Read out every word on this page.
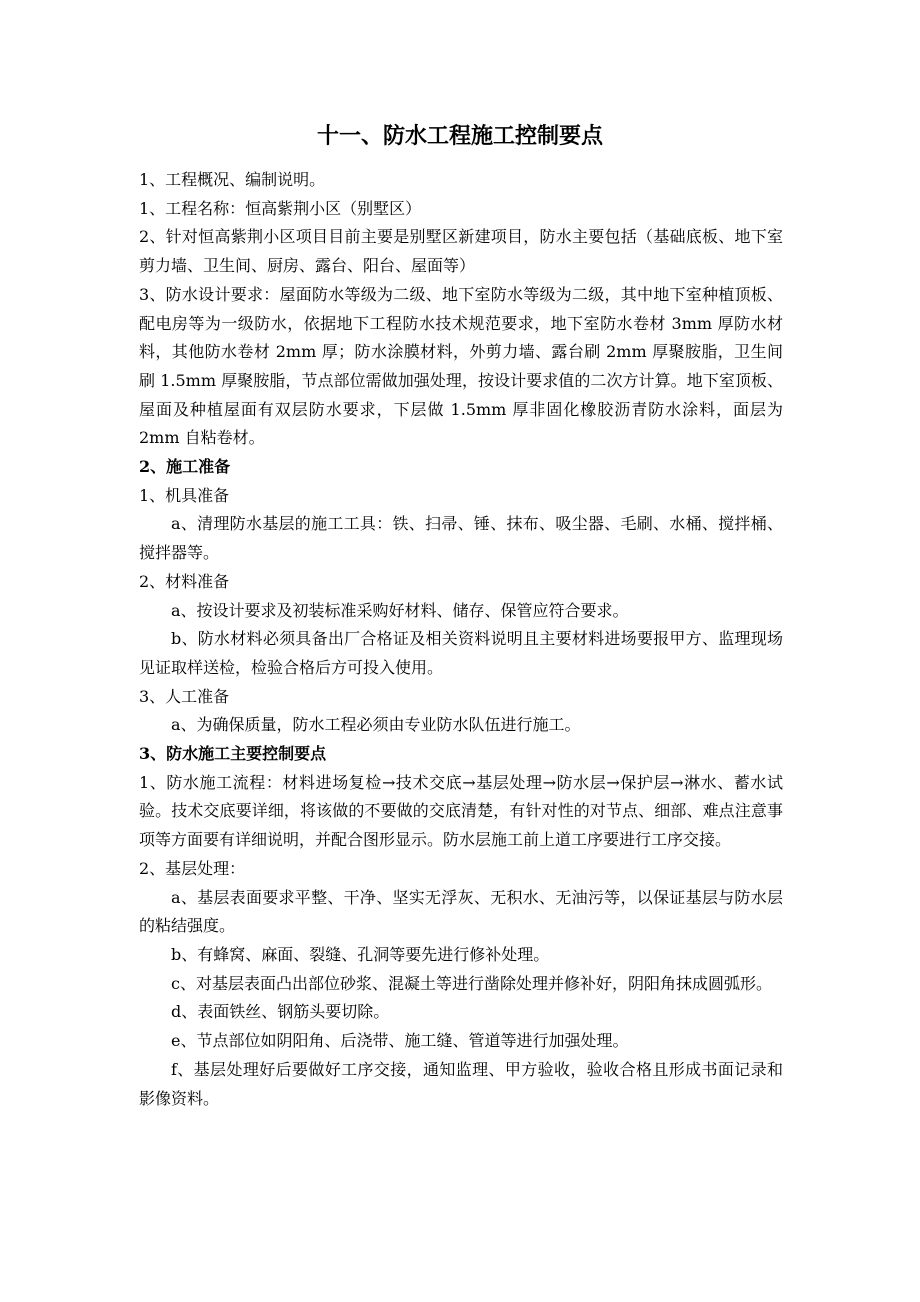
十一、防水工程施工控制要点

1、工程概况、编制说明。

1、工程名称：恒高紫荆小区（别墅区）

2、针对恒高紫荆小区项目目前主要是别墅区新建项目，防水主要包括（基础底板、地下室剪力墙、卫生间、厨房、露台、阳台、屋面等）

3、防水设计要求：屋面防水等级为二级、地下室防水等级为二级，其中地下室种植顶板、配电房等为一级防水，依据地下工程防水技术规范要求，地下室防水卷材 3mm 厚防水材料，其他防水卷材 2mm 厚；防水涂膜材料，外剪力墙、露台刷 2mm 厚聚胺脂，卫生间刷 1.5mm 厚聚胺脂，节点部位需做加强处理，按设计要求值的二次方计算。地下室顶板、屋面及种植屋面有双层防水要求，下层做 1.5mm 厚非固化橡胶沥青防水涂料，面层为 2mm 自粘卷材。

2、施工准备

1、机具准备

a、清理防水基层的施工工具：铁、扫帚、锤、抹布、吸尘器、毛刷、水桶、搅拌桶、搅拌器等。

2、材料准备

a、按设计要求及初装标准采购好材料、储存、保管应符合要求。

b、防水材料必须具备出厂合格证及相关资料说明且主要材料进场要报甲方、监理现场见证取样送检，检验合格后方可投入使用。

3、人工准备

a、为确保质量，防水工程必须由专业防水队伍进行施工。

3、防水施工主要控制要点

1、防水施工流程：材料进场复检→技术交底→基层处理→防水层→保护层→淋水、蓄水试验。技术交底要详细，将该做的不要做的交底清楚，有针对性的对节点、细部、难点注意事项等方面要有详细说明，并配合图形显示。防水层施工前上道工序要进行工序交接。

2、基层处理：

a、基层表面要求平整、干净、坚实无浮灰、无积水、无油污等，以保证基层与防水层的粘结强度。

b、有蜂窝、麻面、裂缝、孔洞等要先进行修补处理。

c、对基层表面凸出部位砂浆、混凝土等进行凿除处理并修补好，阴阳角抹成圆弧形。

d、表面铁丝、钢筋头要切除。

e、节点部位如阴阳角、后浇带、施工缝、管道等进行加强处理。

f、基层处理好后要做好工序交接，通知监理、甲方验收，验收合格且形成书面记录和影像资料。
